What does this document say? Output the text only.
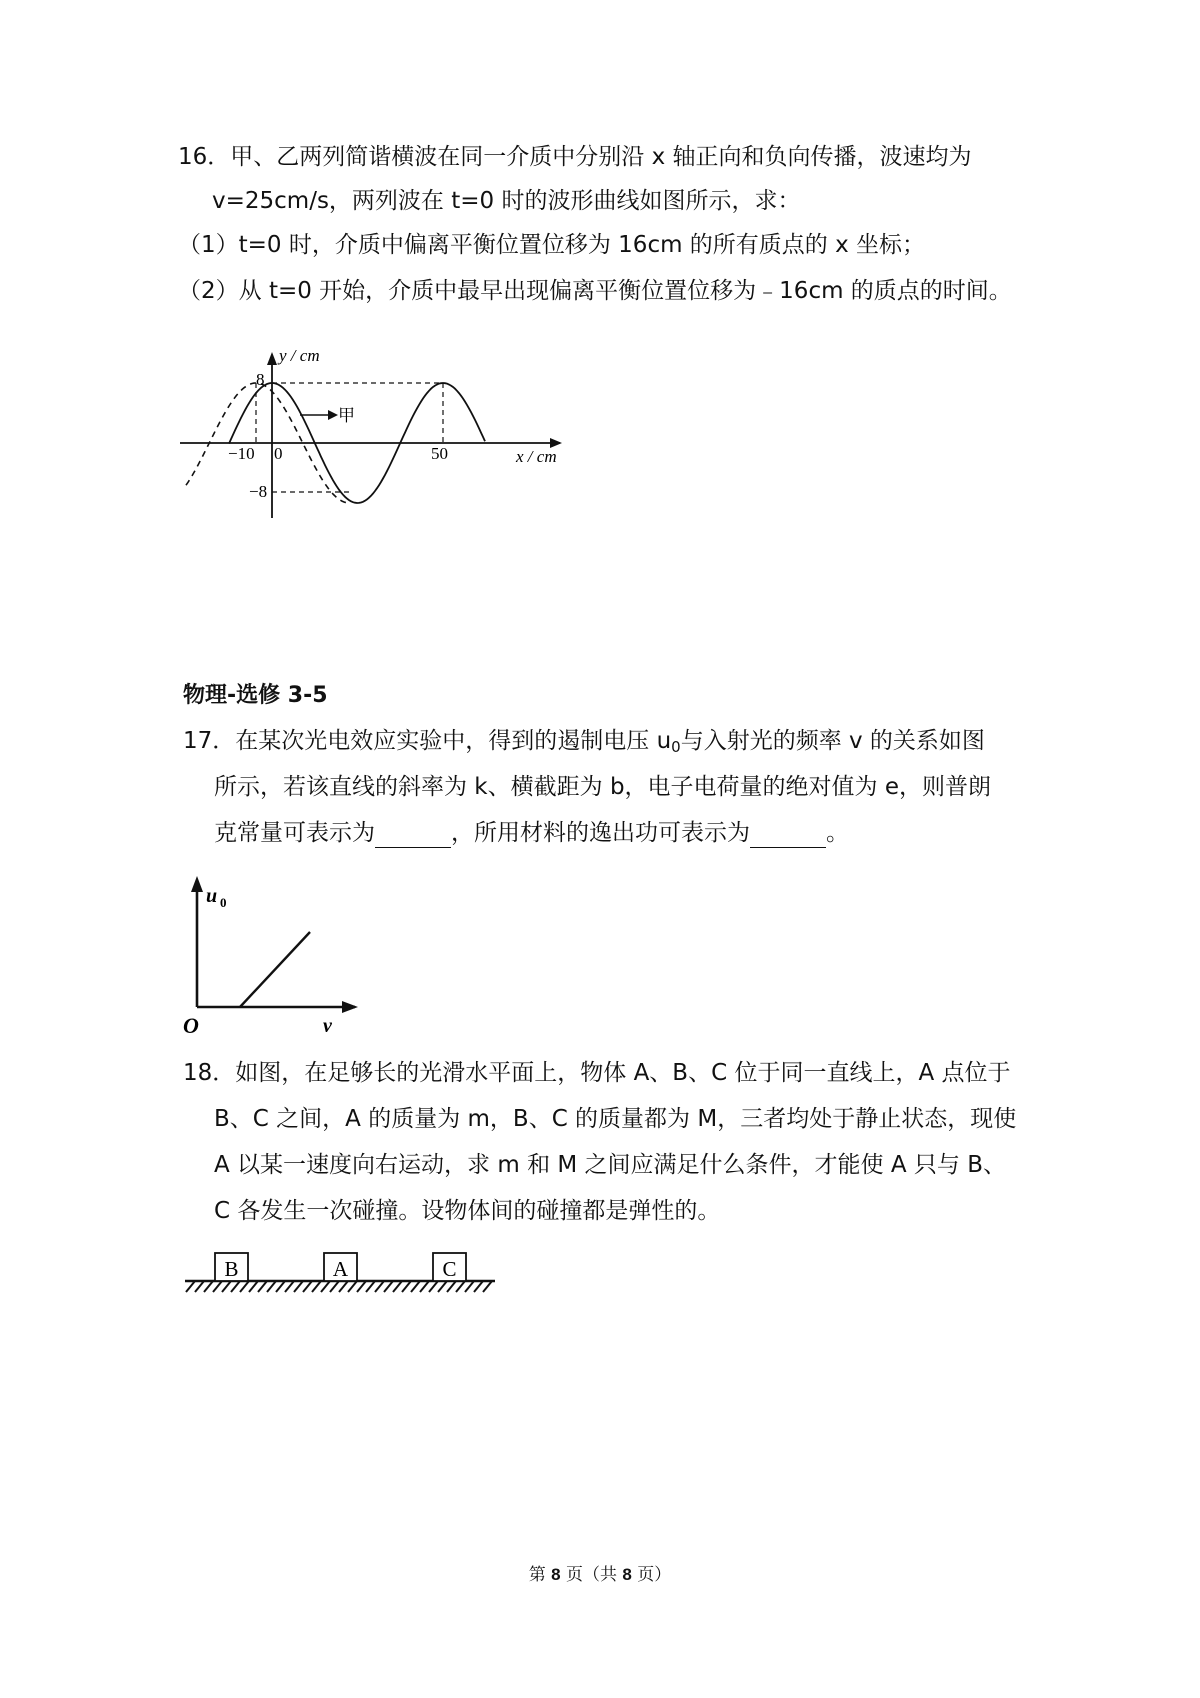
16．甲、乙两列简谐横波在同一介质中分别沿 x 轴正向和负向传播，波速均为
v=25cm/s，两列波在 t=0 时的波形曲线如图所示，求：
（1）t=0 时，介质中偏离平衡位置位移为 16cm 的所有质点的 x 坐标；
（2）从 t=0 开始，介质中最早出现偏离平衡位置位移为﹣16cm 的质点的时间。
甲
y / cm
x / cm
8
−8
−10 0	50
物理-选修 3-5
17．在某次光电效应实验中，得到的遏制电压 $u_0$与入射光的频率 v 的关系如图
所示，若该直线的斜率为 k、横截距为 b，电子电荷量的绝对值为 e，则普朗
克常量可表示为	，所用材料的逸出功可表示为	。
u 0
O	v
18．如图，在足够长的光滑水平面上，物体 A、B、C 位于同一直线上，A 点位于
B、C 之间，A 的质量为 m，B、C 的质量都为 M，三者均处于静止状态，现使
A 以某一速度向右运动，求 m 和 M 之间应满足什么条件，才能使 A 只与 B、
C 各发生一次碰撞。设物体间的碰撞都是弹性的。
B	A	C
第 8 页（共 8 页）
